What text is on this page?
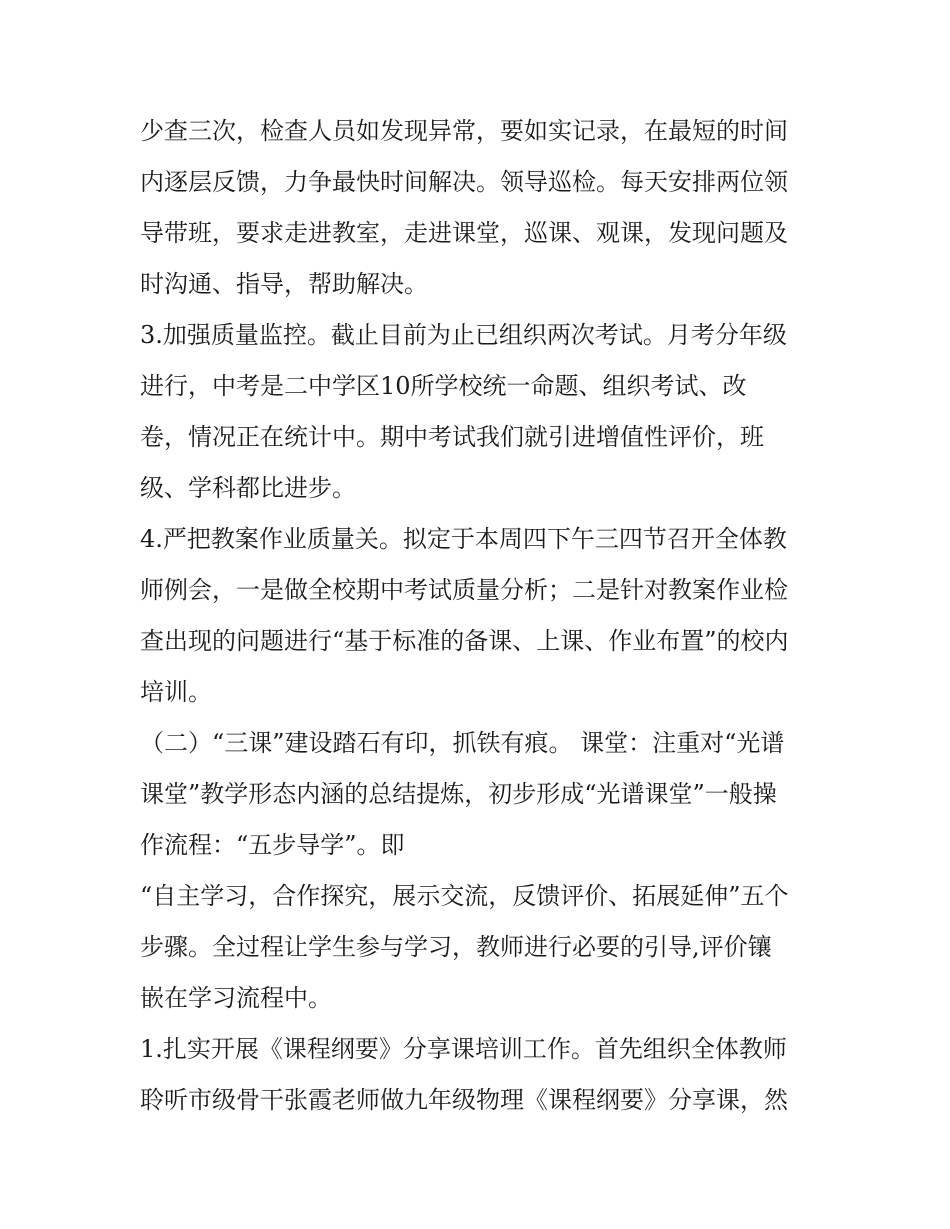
少查三次，检查人员如发现异常，要如实记录，在最短的时间
内逐层反馈，力争最快时间解决。领导巡检。每天安排两位领
导带班，要求走进教室，走进课堂，巡课、观课，发现问题及
时沟通、指导，帮助解决。
3.加强质量监控。截止目前为止已组织两次考试。月考分年级
进行，中考是二中学区10所学校统一命题、组织考试、改
卷，情况正在统计中。期中考试我们就引进增值性评价，班
级、学科都比进步。
4.严把教案作业质量关。拟定于本周四下午三四节召开全体教
师例会，一是做全校期中考试质量分析；二是针对教案作业检
查出现的问题进行“基于标准的备课、上课、作业布置”的校内
培训。
（二）“三课”建设踏石有印，抓铁有痕。 课堂：注重对“光谱
课堂”教学形态内涵的总结提炼，初步形成“光谱课堂”一般操
作流程：“五步导学”。即
“自主学习，合作探究，展示交流，反馈评价、拓展延伸”五个
步骤。全过程让学生参与学习，教师进行必要的引导,评价镶
嵌在学习流程中。
1.扎实开展《课程纲要》分享课培训工作。首先组织全体教师
聆听市级骨干张霞老师做九年级物理《课程纲要》分享课，然
